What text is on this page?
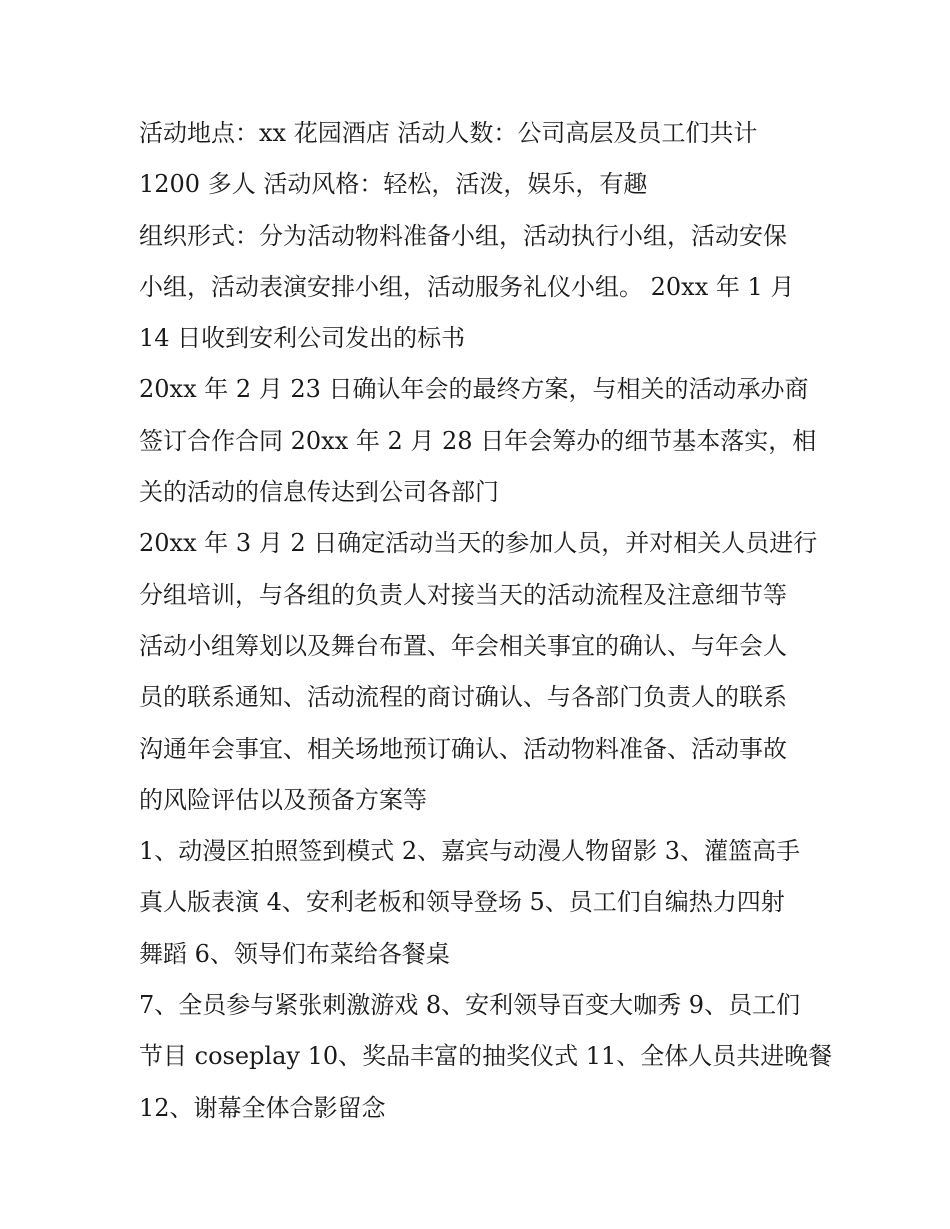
活动地点：xx 花园酒店 活动人数：公司高层及员工们共计
1200 多人 活动风格：轻松，活泼，娱乐，有趣
组织形式：分为活动物料准备小组，活动执行小组，活动安保
小组，活动表演安排小组，活动服务礼仪小组。 20xx 年 1 月
14 日收到安利公司发出的标书
20xx 年 2 月 23 日确认年会的最终方案，与相关的活动承办商
签订合作合同 20xx 年 2 月 28 日年会筹办的细节基本落实，相
关的活动的信息传达到公司各部门
20xx 年 3 月 2 日确定活动当天的参加人员，并对相关人员进行
分组培训，与各组的负责人对接当天的活动流程及注意细节等
活动小组筹划以及舞台布置、年会相关事宜的确认、与年会人
员的联系通知、活动流程的商讨确认、与各部门负责人的联系
沟通年会事宜、相关场地预订确认、活动物料准备、活动事故
的风险评估以及预备方案等
1、动漫区拍照签到模式 2、嘉宾与动漫人物留影 3、灌篮高手
真人版表演 4、安利老板和领导登场 5、员工们自编热力四射
舞蹈 6、领导们布菜给各餐桌
7、全员参与紧张刺激游戏 8、安利领导百变大咖秀 9、员工们
节目 coseplay 10、奖品丰富的抽奖仪式 11、全体人员共进晚餐
12、谢幕全体合影留念
